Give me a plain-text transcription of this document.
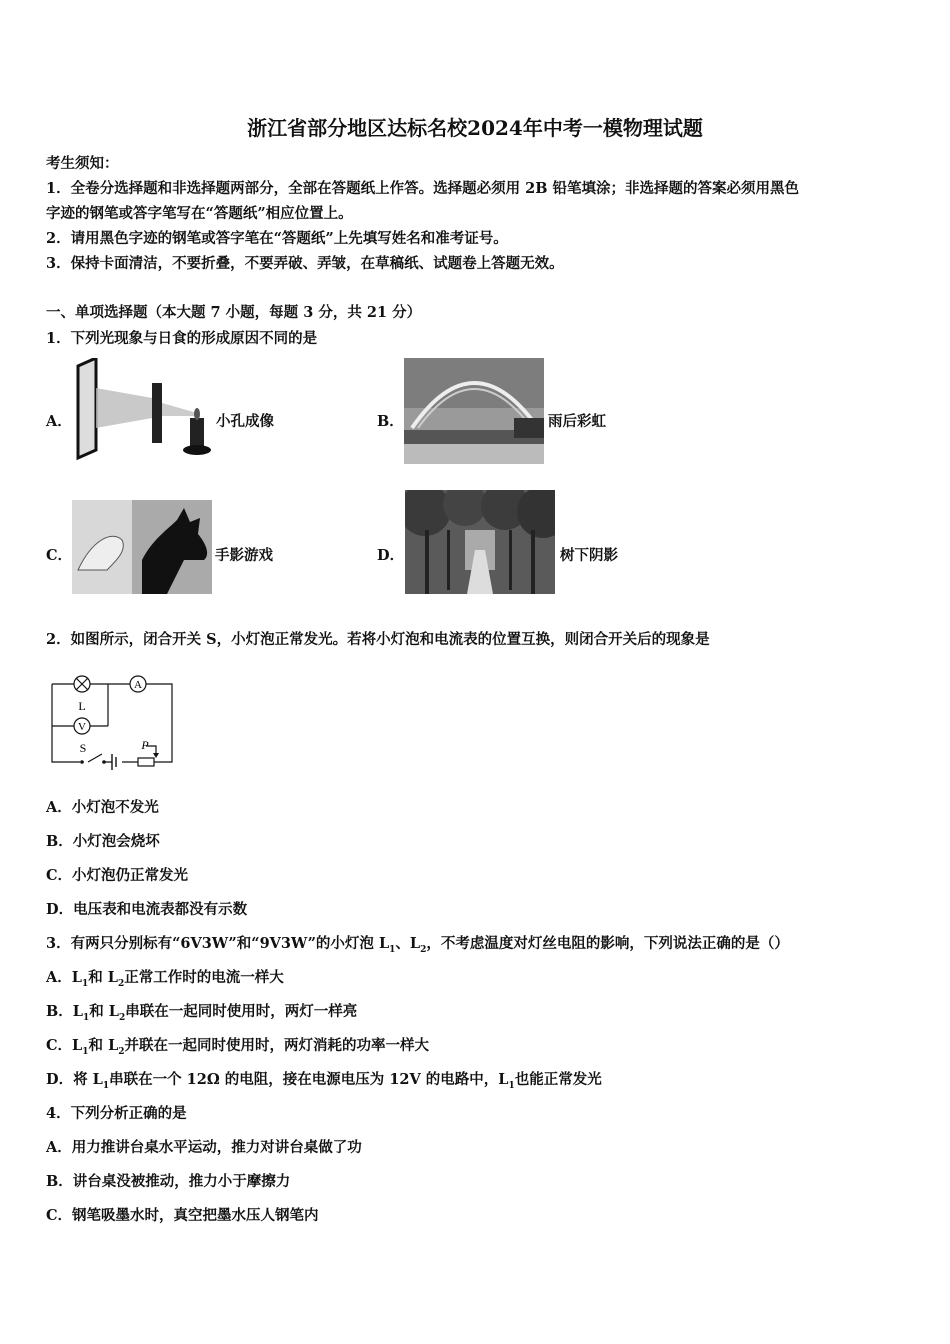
浙江省部分地区达标名校2024年中考一模物理试题
考生须知：
1．全卷分选择题和非选择题两部分，全部在答题纸上作答。选择题必须用 2B 铅笔填涂；非选择题的答案必须用黑色
字迹的钢笔或答字笔写在“答题纸”相应位置上。
2．请用黑色字迹的钢笔或答字笔在“答题纸”上先填写姓名和准考证号。
3．保持卡面清洁，不要折叠，不要弄破、弄皱，在草稿纸、试题卷上答题无效。
一、单项选择题（本大题 7 小题，每题 3 分，共 21 分）
1．下列光现象与日食的形成原因不同的是
A．	小孔成像	B．	雨后彩虹
C．	手影游戏	D．	树下阴影
2．如图所示，闭合开关 S，小灯泡正常发光。若将小灯泡和电流表的位置互换，则闭合开关后的现象是
A
V
L
S	P
A．小灯泡不发光
B．小灯泡会烧坏
C．小灯泡仍正常发光
D．电压表和电流表都没有示数
3．有两只分别标有“6V3W”和“9V3W”的小灯泡 $L_1$、$L_2$，不考虑温度对灯丝电阻的影响，下列说法正确的是（）
A．$L_1$和 $L_2$正常工作时的电流一样大
B．$L_1$和 $L_2$串联在一起同时使用时，两灯一样亮
C．$L_1$和 $L_2$并联在一起同时使用时，两灯消耗的功率一样大
D．将 $L_1$串联在一个 12Ω 的电阻，接在电源电压为 12V 的电路中，$L_1$也能正常发光
4．下列分析正确的是
A．用力推讲台桌水平运动，推力对讲台桌做了功
B．讲台桌没被推动，推力小于摩擦力
C．钢笔吸墨水时，真空把墨水压人钢笔内
